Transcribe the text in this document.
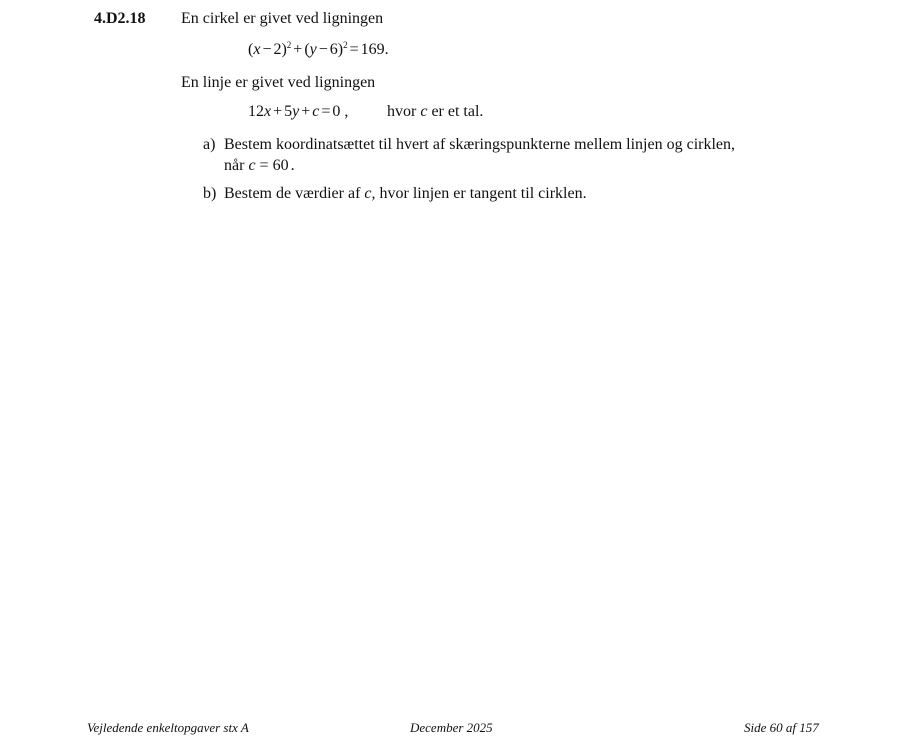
4.D2.18 En cirkel er givet ved ligningen
$(x - 2)^2 + (y - 6)^2 = 169$.
En linje er givet ved ligningen
12x + 5y + c = 0 , hvor c er et tal.
a) Bestem koordinatsættet til hvert af skæringspunkterne mellem linjen og cirklen,
når c = 60 .
b) Bestem de værdier af c, hvor linjen er tangent til cirklen.
Vejledende enkeltopgaver stx A	December 2025	Side 60 af 157
